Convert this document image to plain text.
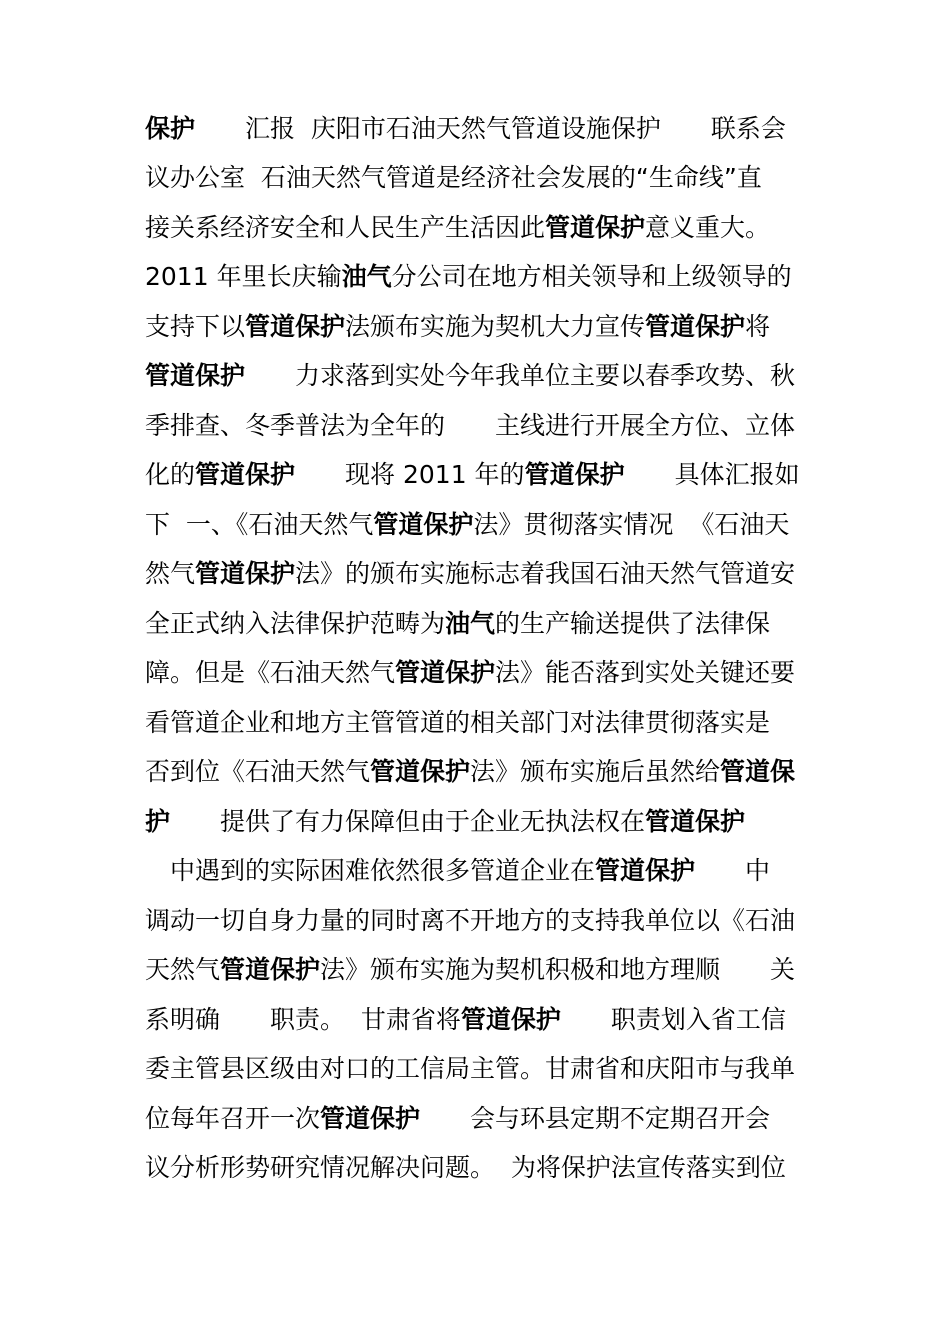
保护　　汇报  庆阳市石油天然气管道设施保护　　联系会
议办公室  石油天然气管道是经济社会发展的“生命线”直
接关系经济安全和人民生产生活因此管道保护意义重大。
2011 年里长庆输油气分公司在地方相关领导和上级领导的
支持下以管道保护法颁布实施为契机大力宣传管道保护将
管道保护　　力求落到实处今年我单位主要以春季攻势、秋
季排查、冬季普法为全年的　　主线进行开展全方位、立体
化的管道保护　　现将 2011 年的管道保护　　具体汇报如
下  一、《石油天然气管道保护法》贯彻落实情况  《石油天
然气管道保护法》的颁布实施标志着我国石油天然气管道安
全正式纳入法律保护范畴为油气的生产输送提供了法律保
障。但是《石油天然气管道保护法》能否落到实处关键还要
看管道企业和地方主管管道的相关部门对法律贯彻落实是
否到位《石油天然气管道保护法》颁布实施后虽然给管道保
护　　提供了有力保障但由于企业无执法权在管道保护
　中遇到的实际困难依然很多管道企业在管道保护　　中
调动一切自身力量的同时离不开地方的支持我单位以《石油
天然气管道保护法》颁布实施为契机积极和地方理顺　　关
系明确　　职责。  甘肃省将管道保护　　职责划入省工信
委主管县区级由对口的工信局主管。甘肃省和庆阳市与我单
位每年召开一次管道保护　　会与环县定期不定期召开会
议分析形势研究情况解决问题。  为将保护法宣传落实到位
